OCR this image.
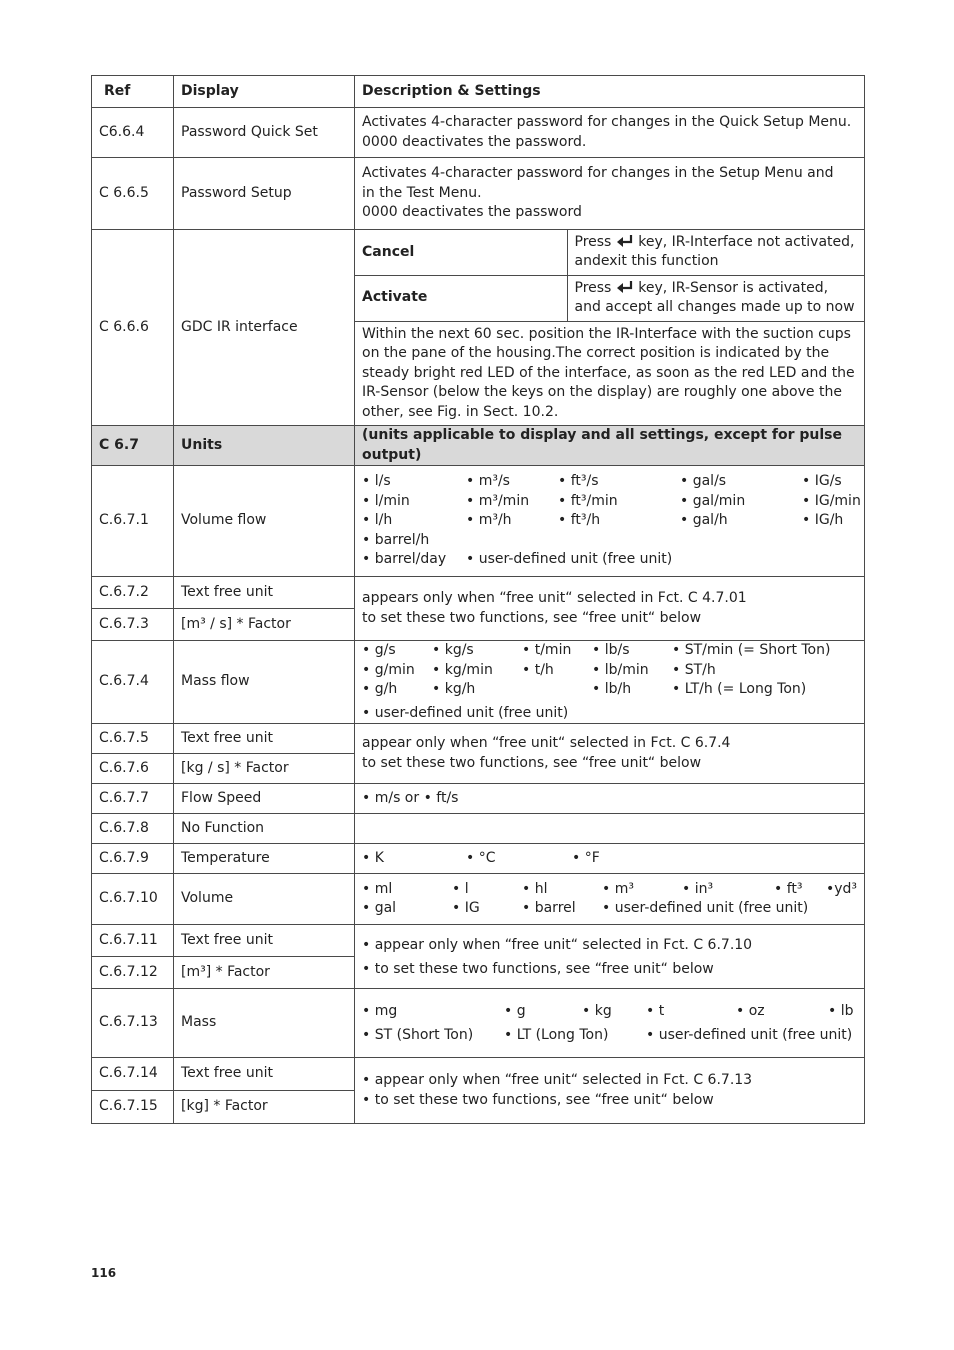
Ref	Display	Description & Settings
C6.6.4	Password Quick Set	
Activates 4-character password for changes in the Quick Setup Menu.
0000 deactivates the password.

C 6.6.5	Password Setup	
Activates 4-character password for changes in the Setup Menu and
in the Test Menu.
0000 deactivates the password

C 6.6.6	GDC IR interface	
Cancel	Press key, IR-Interface not activated,
andexit this function
Activate	Press key, IR-Sensor is activated,
and accept all changes made up to now

Within the next 60 sec. position the IR-Interface with the suction cups
on the pane of the housing.The correct position is indicated by the
steady bright red LED of the interface, as soon as the red LED and the
IR-Sensor (below the keys on the display) are roughly one above the
other, see Fig. in Sect. 10.2.

C 6.7	Units	(units applicable to display and all settings, except for pulse output)
C.6.7.1	Volume flow	
• l/s	• m³/s	• ft³/s	• gal/s	• IG/s
• l/min	• m³/min	• ft³/min	• gal/min	• IG/min
• l/h	• m³/h	• ft³/h	• gal/h	• IG/h
• barrel/h
• barrel/day	• user-defined unit (free unit)

C.6.7.2	Text free unit	appears only when “free unit“ selected in Fct. C 4.7.01
to set these two functions, see “free unit“ below

C.6.7.3	[m³ / s] * Factor
C.6.7.4	Mass flow	
• g/s	• kg/s	• t/min	• lb/s	• ST/min (= Short Ton)
• g/min	• kg/min	• t/h	• lb/min	• ST/h
• g/h	• kg/h	• lb/h	• LT/h (= Long Ton)
• user-defined unit (free unit)

C.6.7.5	Text free unit	appear only when “free unit“ selected in Fct. C 6.7.4
to set these two functions, see “free unit“ below

C.6.7.6	[kg / s] * Factor
C.6.7.7	Flow Speed	• m/s or • ft/s
C.6.7.8	No Function	
C.6.7.9	Temperature	
•K	• °C	• °F

C.6.7.10	Volume	
• ml	• l	• hl	• m³	• in³	• ft³	•yd³
• gal	• IG	• barrel	• user-defined unit (free unit)

C.6.7.11	Text free unit	
•appear only when “free unit“ selected in Fct. C 6.7.10
• to set these two functions, see “free unit“ below

C.6.7.12	[m³] * Factor
C.6.7.13	Mass	
• mg	• g	• kg	• t	• oz	• lb
• ST (Short Ton)	• LT (Long Ton)	• user-defined unit (free unit)

C.6.7.14	Text free unit	
•appear only when “free unit“ selected in Fct. C 6.7.13
• to set these two functions, see “free unit“ below

C.6.7.15	[kg] * Factor
116
